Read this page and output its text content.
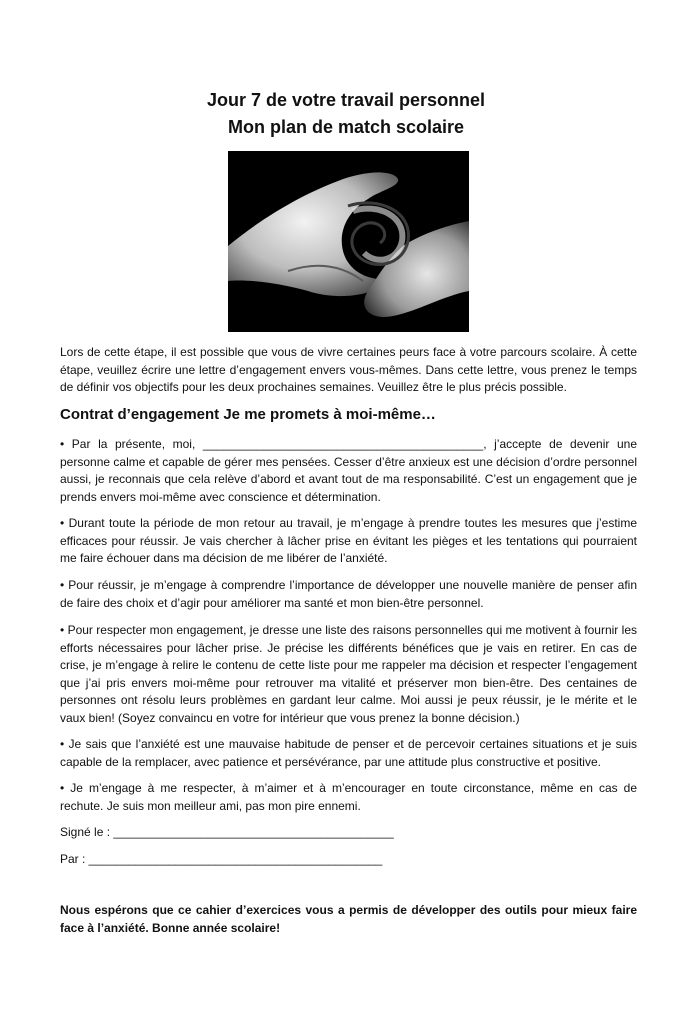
Jour 7 de votre travail personnel
Mon plan de match scolaire
Lors de cette étape, il est possible que vous de vivre certaines peurs face à votre parcours scolaire. À cette étape, veuillez écrire une lettre d’engagement envers vous-mêmes. Dans cette lettre, vous prenez le temps de définir vos objectifs pour les deux prochaines semaines. Veuillez être le plus précis possible.
Contrat d’engagement Je me promets à moi-même…
• Par la présente, moi, __________________________________________, j’accepte de devenir une personne calme et capable de gérer mes pensées. Cesser d’être anxieux est une décision d’ordre personnel aussi, je reconnais que cela relève d’abord et avant tout de ma responsabilité. C’est un engagement que je prends envers moi-même avec conscience et détermination.
• Durant toute la période de mon retour au travail, je m’engage à prendre toutes les mesures que j’estime efficaces pour réussir. Je vais chercher à lâcher prise en évitant les pièges et les tentations qui pourraient me faire échouer dans ma décision de me libérer de l’anxiété.
• Pour réussir, je m’engage à comprendre l’importance de développer une nouvelle manière de penser afin de faire des choix et d’agir pour améliorer ma santé et mon bien-être personnel.
• Pour respecter mon engagement, je dresse une liste des raisons personnelles qui me motivent à fournir les efforts nécessaires pour lâcher prise. Je précise les différents bénéfices que je vais en retirer. En cas de crise, je m’engage à relire le contenu de cette liste pour me rappeler ma décision et respecter l’engagement que j’ai pris envers moi-même pour retrouver ma vitalité et préserver mon bien-être. Des centaines de personnes ont résolu leurs problèmes en gardant leur calme. Moi aussi je peux réussir, je le mérite et le vaux bien! (Soyez convaincu en votre for intérieur que vous prenez la bonne décision.)
• Je sais que l’anxiété est une mauvaise habitude de penser et de percevoir certaines situations et je suis capable de la remplacer, avec patience et persévérance, par une attitude plus constructive et positive.
• Je m’engage à me respecter, à m’aimer et à m’encourager en toute circonstance, même en cas de rechute. Je suis mon meilleur ami, pas mon pire ennemi.
Signé le : __________________________________________
Par : ____________________________________________
Nous espérons que ce cahier d’exercices vous a permis de développer des outils pour mieux faire face à l’anxiété. Bonne année scolaire!
